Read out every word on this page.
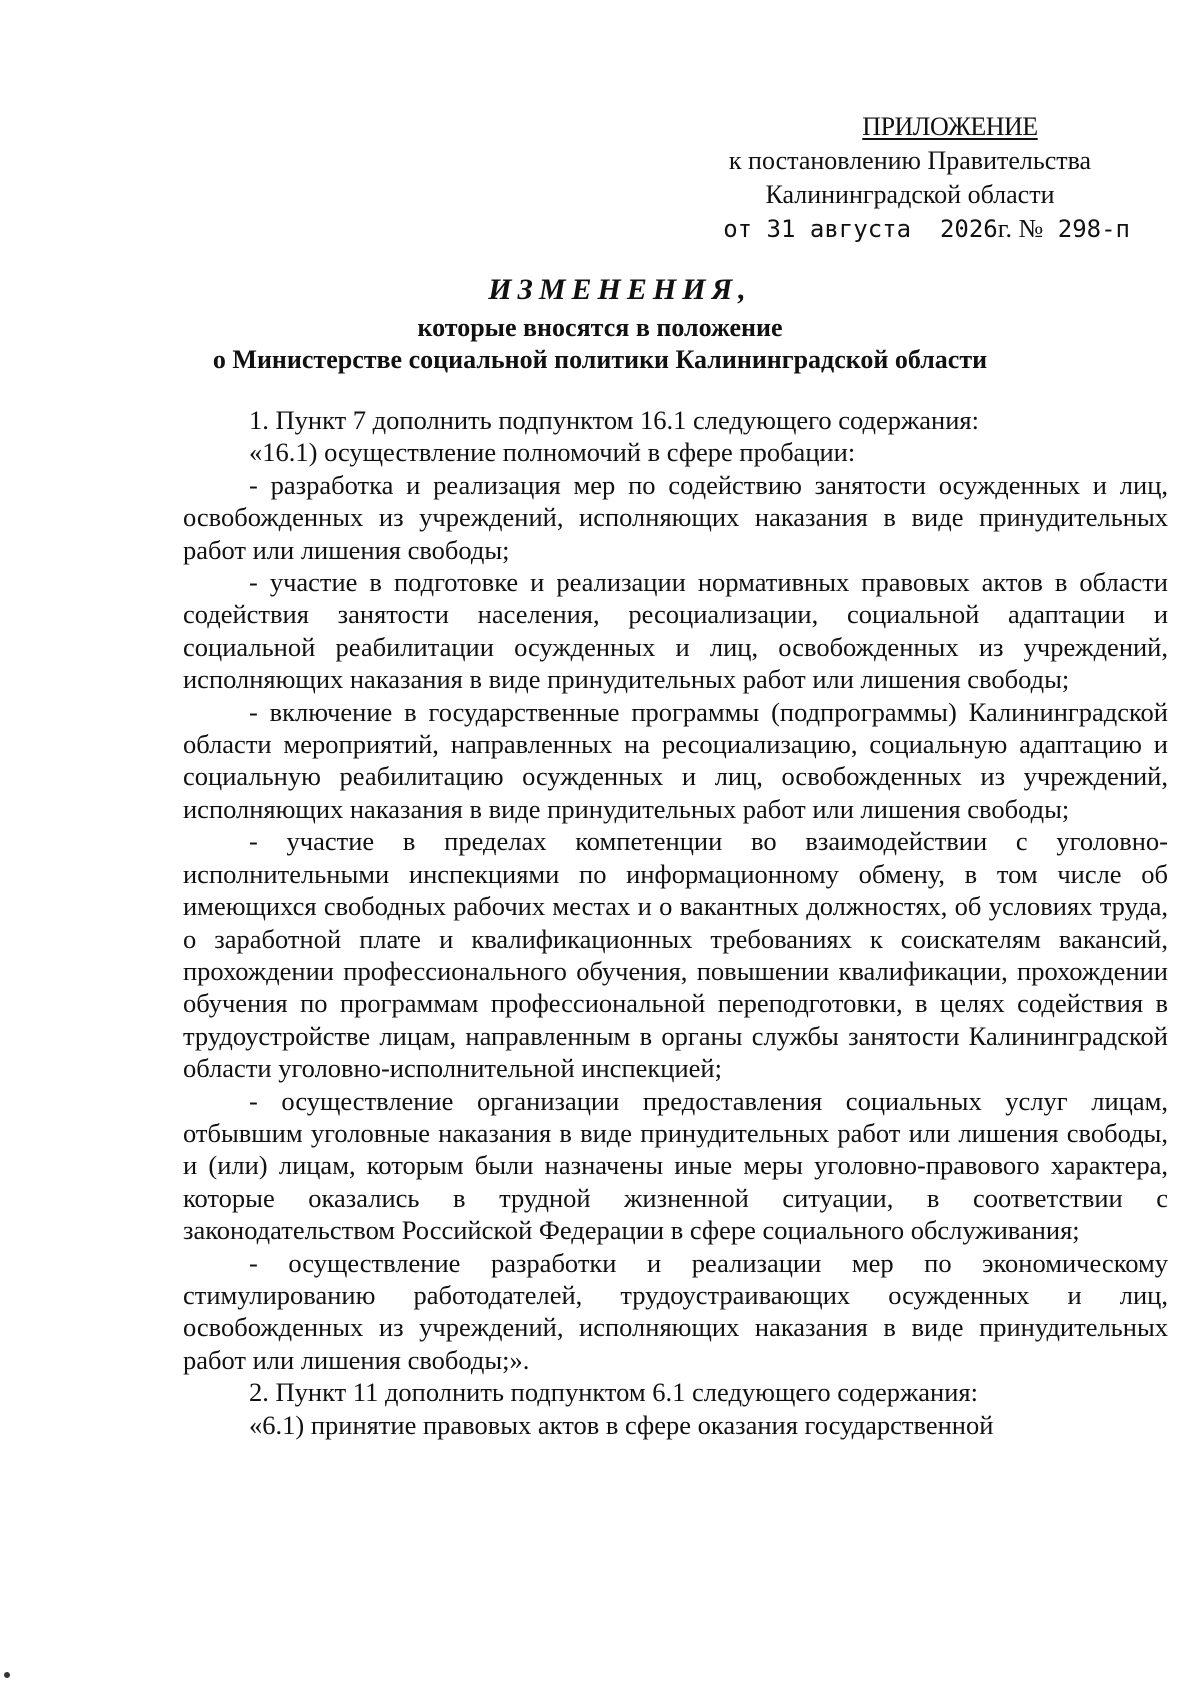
ПРИЛОЖЕНИЕ
к постановлению Правительства
Калининградской области
от 31 августа 2026г. № 298-п
ИЗМЕНЕНИЯ,
которые вносятся в положение
о Министерстве социальной политики Калининградской области

1. Пункт 7 дополнить подпунктом 16.1 следующего содержания:

«16.1) осуществление полномочий в сфере пробации:

- разработка и реализация мер по содействию занятости осужденных и лиц, освобожденных из учреждений, исполняющих наказания в виде принудительных работ или лишения свободы;

- участие в подготовке и реализации нормативных правовых актов в области содействия занятости населения, ресоциализации, социальной адаптации и социальной реабилитации осужденных и лиц, освобожденных из учреждений, исполняющих наказания в виде принудительных работ или лишения свободы;

- включение в государственные программы (подпрограммы) Калининградской области мероприятий, направленных на ресоциализацию, социальную адаптацию и социальную реабилитацию осужденных и лиц, освобожденных из учреждений, исполняющих наказания в виде принудительных работ или лишения свободы;

- участие в пределах компетенции во взаимодействии с уголовно-исполнительными инспекциями по информационному обмену, в том числе об имеющихся свободных рабочих местах и о вакантных должностях, об условиях труда, о заработной плате и квалификационных требованиях к соискателям вакансий, прохождении профессионального обучения, повышении квалификации, прохождении обучения по программам профессиональной переподготовки, в целях содействия в трудоустройстве лицам, направленным в органы службы занятости Калининградской области уголовно-исполнительной инспекцией;

- осуществление организации предоставления социальных услуг лицам, отбывшим уголовные наказания в виде принудительных работ или лишения свободы, и (или) лицам, которым были назначены иные меры уголовно-правового характера, которые оказались в трудной жизненной ситуации, в соответствии с законодательством Российской Федерации в сфере социального обслуживания;

- осуществление разработки и реализации мер по экономическому стимулированию работодателей, трудоустраивающих осужденных и лиц, освобожденных из учреждений, исполняющих наказания в виде принудительных работ или лишения свободы;».

2. Пункт 11 дополнить подпунктом 6.1 следующего содержания:

«6.1) принятие правовых актов в сфере оказания государственной
